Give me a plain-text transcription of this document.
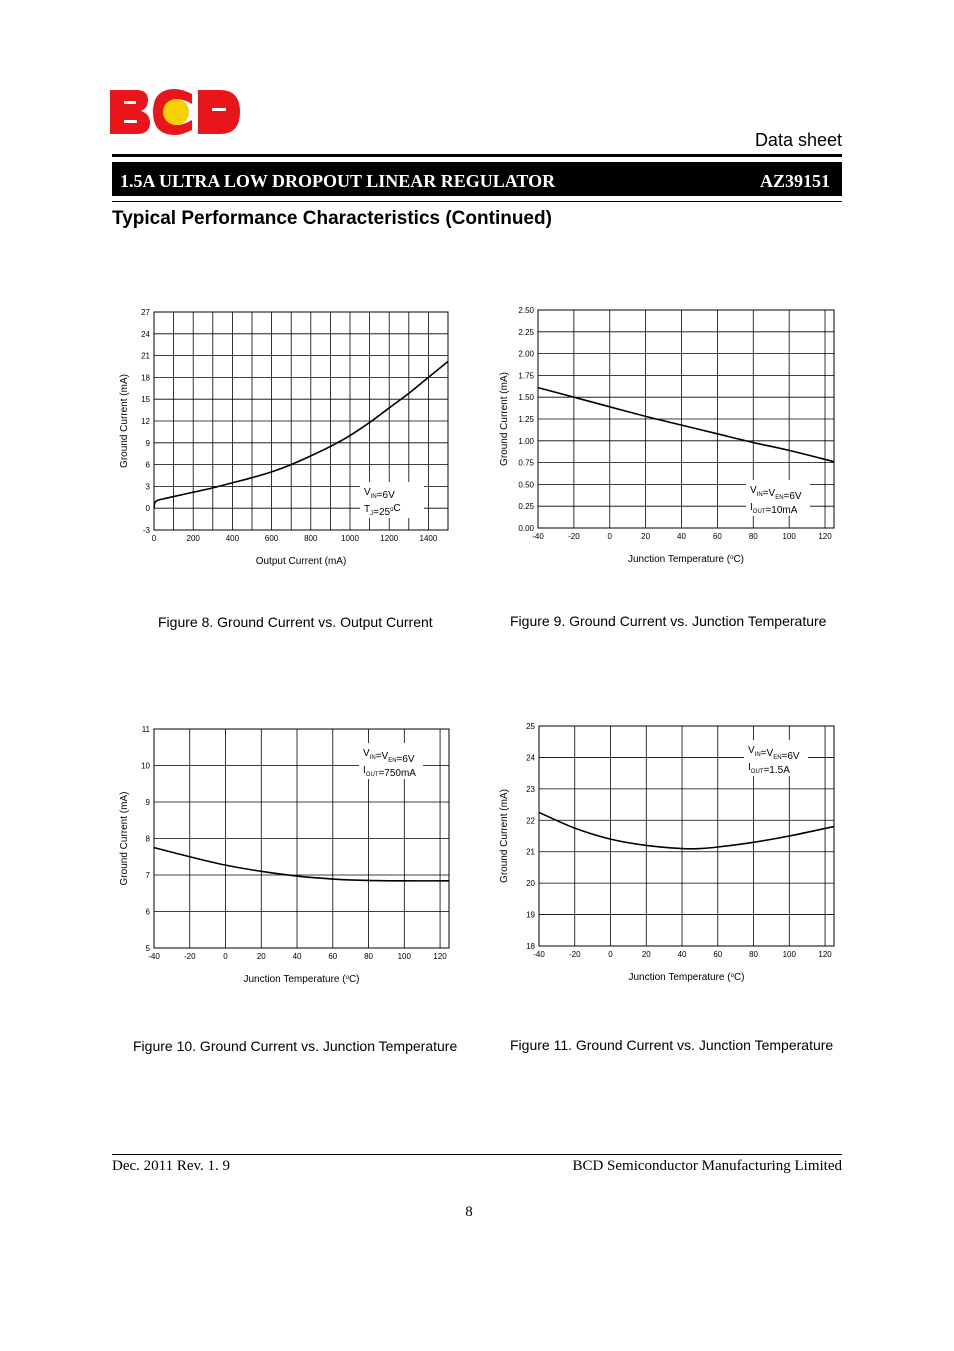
Data sheet
1.5A ULTRA LOW DROPOUT LINEAR REGULATOR	AZ39151
Typical Performance Characteristics (Continued)
0	200	400	600	800	1000	1200	1400
-3
0
3
6
9
12
15
18
21
24
27
Output Current (mA)
Ground Current (mA)
$V_{IN}=6V$
$T_J=25^oC$
Figure 8. Ground Current vs. Output Current
-40	-20	0	20	40	60	80	100	120
0.00
0.25
0.50
0.75
1.00
1.25
1.50
1.75
2.00
2.25
2.50
Junction Temperature ($^o$C)
Ground Current (mA)
$V_{IN}=V_{EN}=6V$
$I_{OUT}=10mA$
Figure 9. Ground Current vs. Junction Temperature
-40	-20	0	20	40	60	80	100	120
5
6
7
8
9
10
11
Junction Temperature ($^o$C)
Ground Current (mA)
$V_{IN}=V_{EN}=6V$
$I_{OUT}=750mA$
Figure 10. Ground Current vs. Junction Temperature
-40	-20	0	20	40	60	80	100	120
18
19
20
21
22
23
24
25
Junction Temperature ($^o$C)
Ground Current (mA)
$V_{IN}=V_{EN}=6V$
$I_{OUT}=1.5A$
Figure 11. Ground Current vs. Junction Temperature
Dec. 2011 Rev. 1. 9	BCD Semiconductor Manufacturing Limited
8
